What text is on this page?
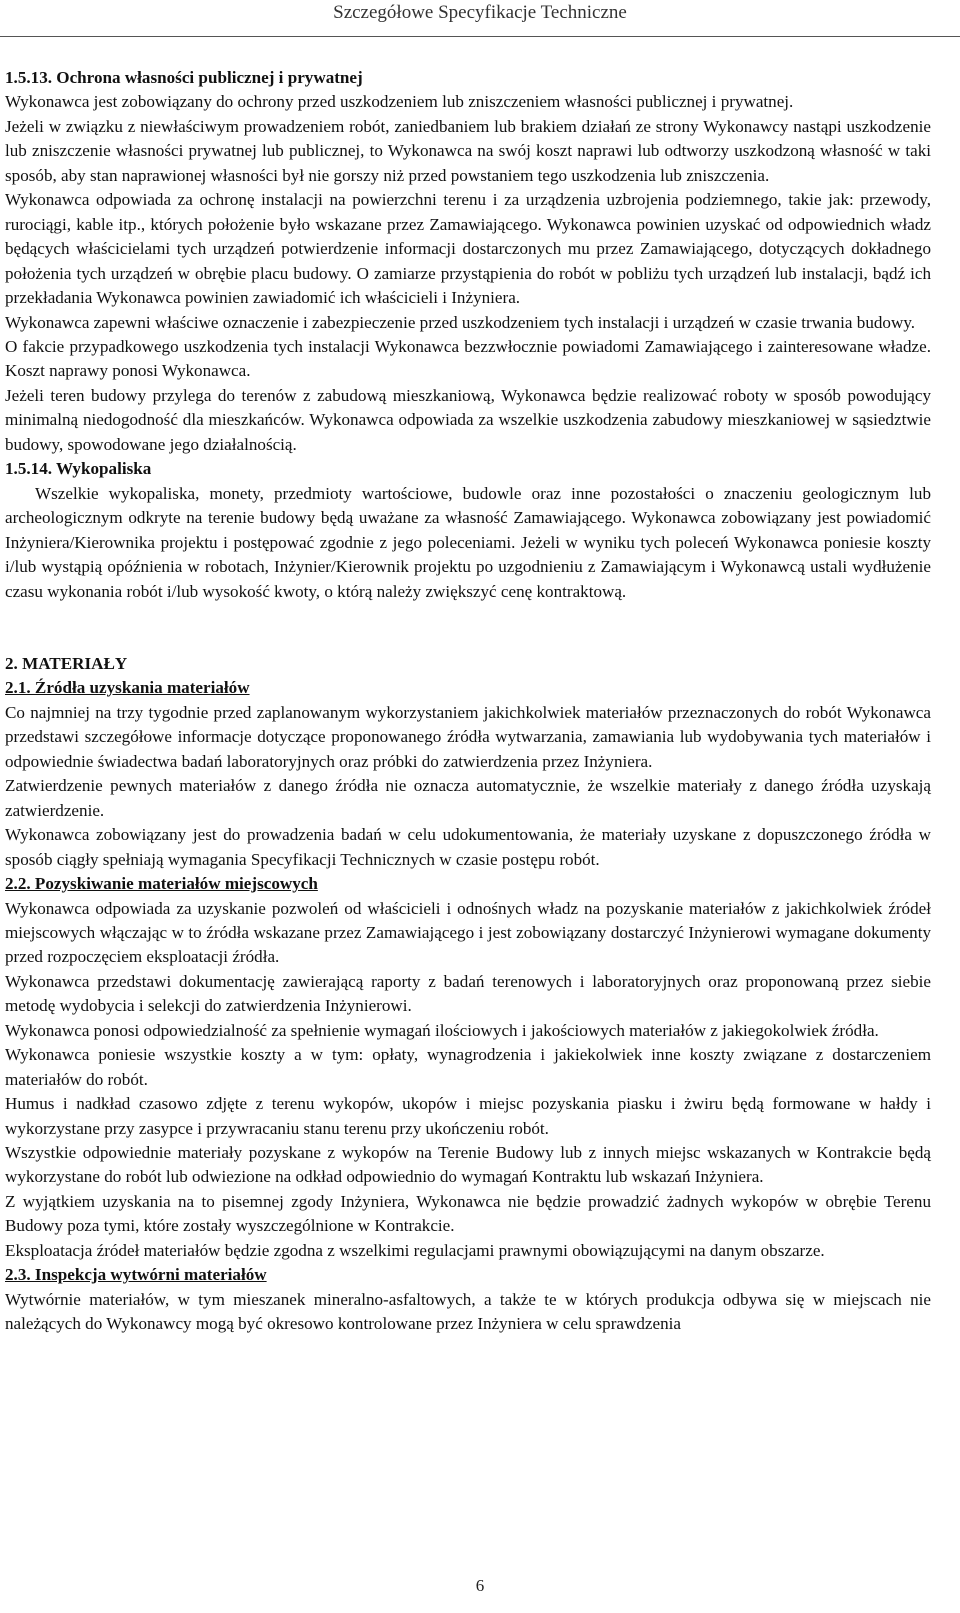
Szczegółowe Specyfikacje Techniczne
1.5.13. Ochrona własności publicznej i prywatnej

Wykonawca jest zobowiązany do ochrony przed uszkodzeniem lub zniszczeniem własności publicznej i prywatnej.

Jeżeli w związku z niewłaściwym prowadzeniem robót, zaniedbaniem lub brakiem działań ze strony Wykonawcy nastąpi uszkodzenie lub zniszczenie własności prywatnej lub publicznej, to Wykonawca na swój koszt naprawi lub odtworzy uszkodzoną własność w taki sposób, aby stan naprawionej własności był nie gorszy niż przed powstaniem tego uszkodzenia lub zniszczenia.

Wykonawca odpowiada za ochronę instalacji na powierzchni terenu i za urządzenia uzbrojenia podziemnego, takie jak: przewody, rurociągi, kable itp., których położenie było wskazane przez Zamawiającego. Wykonawca powinien uzyskać od odpowiednich władz będących właścicielami tych urządzeń potwierdzenie informacji dostarczonych mu przez Zamawiającego, dotyczących dokładnego położenia tych urządzeń w obrębie placu budowy. O zamiarze przystąpienia do robót w pobliżu tych urządzeń lub instalacji, bądź ich przekładania Wykonawca powinien zawiadomić ich właścicieli i Inżyniera.

Wykonawca zapewni właściwe oznaczenie i zabezpieczenie przed uszkodzeniem tych instalacji i urządzeń w czasie trwania budowy.

O fakcie przypadkowego uszkodzenia tych instalacji Wykonawca bezzwłocznie powiadomi Zamawiającego i zainteresowane władze. Koszt naprawy ponosi Wykonawca.

Jeżeli teren budowy przylega do terenów z zabudową mieszkaniową, Wykonawca będzie realizować roboty w sposób powodujący minimalną niedogodność dla mieszkańców. Wykonawca odpowiada za wszelkie uszkodzenia zabudowy mieszkaniowej w sąsiedztwie budowy, spowodowane jego działalnością.

1.5.14. Wykopaliska

Wszelkie wykopaliska, monety, przedmioty wartościowe, budowle oraz inne pozostałości o znaczeniu geologicznym lub archeologicznym odkryte na terenie budowy będą uważane za własność Zamawiającego. Wykonawca zobowiązany jest powiadomić Inżyniera/Kierownika projektu i postępować zgodnie z jego poleceniami. Jeżeli w wyniku tych poleceń Wykonawca poniesie koszty i/lub wystąpią opóźnienia w robotach, Inżynier/Kierownik projektu po uzgodnieniu z Zamawiającym i Wykonawcą ustali wydłużenie czasu wykonania robót i/lub wysokość kwoty, o którą należy zwiększyć cenę kontraktową.

2. MATERIAŁY
2.1. Źródła uzyskania materiałów

Co najmniej na trzy tygodnie przed zaplanowanym wykorzystaniem jakichkolwiek materiałów przeznaczonych do robót Wykonawca przedstawi szczegółowe informacje dotyczące proponowanego źródła wytwarzania, zamawiania lub wydobywania tych materiałów i odpowiednie świadectwa badań laboratoryjnych oraz próbki do zatwierdzenia przez Inżyniera.

Zatwierdzenie pewnych materiałów z danego źródła nie oznacza automatycznie, że wszelkie materiały z danego źródła uzyskają zatwierdzenie.

Wykonawca zobowiązany jest do prowadzenia badań w celu udokumentowania, że materiały uzyskane z dopuszczonego źródła w sposób ciągły spełniają wymagania Specyfikacji Technicznych w czasie postępu robót.

2.2. Pozyskiwanie materiałów miejscowych

Wykonawca odpowiada za uzyskanie pozwoleń od właścicieli i odnośnych władz na pozyskanie materiałów z jakichkolwiek źródeł miejscowych włączając w to źródła wskazane przez Zamawiającego i jest zobowiązany dostarczyć Inżynierowi wymagane dokumenty przed rozpoczęciem eksploatacji źródła.

Wykonawca przedstawi dokumentację zawierającą raporty z badań terenowych i laboratoryjnych oraz proponowaną przez siebie metodę wydobycia i selekcji do zatwierdzenia Inżynierowi.

Wykonawca ponosi odpowiedzialność za spełnienie wymagań ilościowych i jakościowych materiałów z jakiegokolwiek źródła.

Wykonawca poniesie wszystkie koszty a w tym: opłaty, wynagrodzenia i jakiekolwiek inne koszty związane z dostarczeniem materiałów do robót.

Humus i nadkład czasowo zdjęte z terenu wykopów, ukopów i miejsc pozyskania piasku i żwiru będą formowane w hałdy i wykorzystane przy zasypce i przywracaniu stanu terenu przy ukończeniu robót.

Wszystkie odpowiednie materiały pozyskane z wykopów na Terenie Budowy lub z innych miejsc wskazanych w Kontrakcie będą wykorzystane do robót lub odwiezione na odkład odpowiednio do wymagań Kontraktu lub wskazań Inżyniera.

Z wyjątkiem uzyskania na to pisemnej zgody Inżyniera, Wykonawca nie będzie prowadzić żadnych wykopów w obrębie Terenu Budowy poza tymi, które zostały wyszczególnione w Kontrakcie.

Eksploatacja źródeł materiałów będzie zgodna z wszelkimi regulacjami prawnymi obowiązującymi na danym obszarze.

2.3. Inspekcja wytwórni materiałów

Wytwórnie materiałów, w tym mieszanek mineralno-asfaltowych, a także te w których produkcja odbywa się w miejscach nie należących do Wykonawcy mogą być okresowo kontrolowane przez Inżyniera w celu sprawdzenia

6
